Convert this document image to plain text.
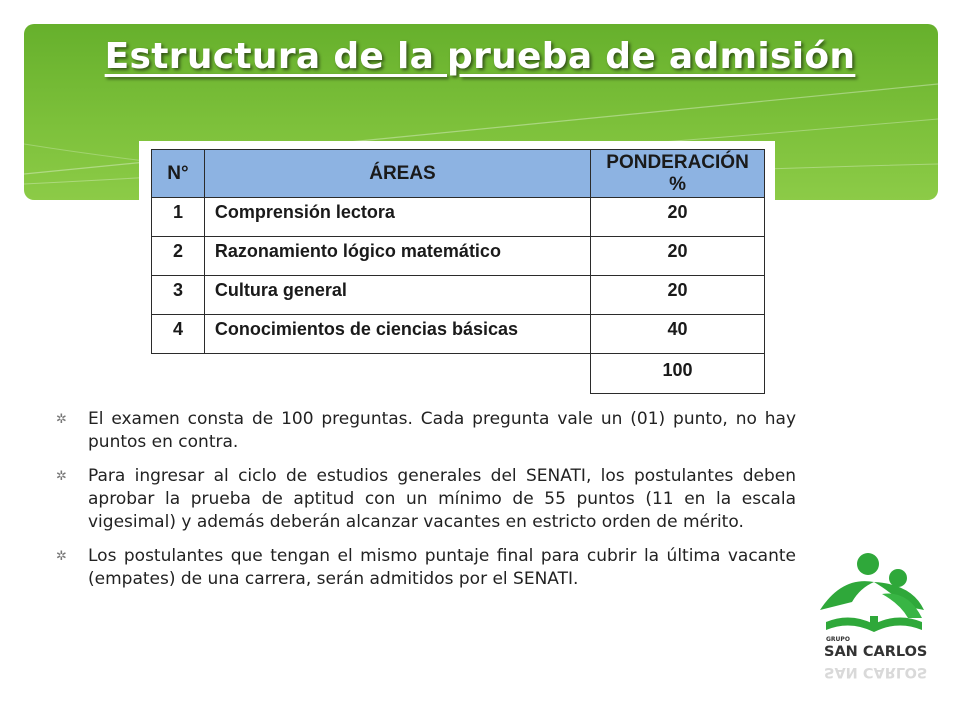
Estructura de la prueba de admisión
N°	ÁREAS	PONDERACIÓN
%

1	Comprensión lectora	20
2	Razonamiento lógico matemático	20
3	Cultura general	20
4	Conocimientos de ciencias básicas	40
		100
✲ El examen consta de 100 preguntas. Cada pregunta vale un (01) punto, no hay puntos en contra.
✲ Para ingresar al ciclo de estudios generales del SENATI, los postulantes deben aprobar la prueba de aptitud con un mínimo de 55 puntos (11 en la escala vigesimal) y además deberán alcanzar vacantes en estricto orden de mérito.
✲ Los postulantes que tengan el mismo puntaje final para cubrir la última vacante (empates) de una carrera, serán admitidos por el SENATI.
GRUPO
SAN CARLOS
SAN CARLOS
